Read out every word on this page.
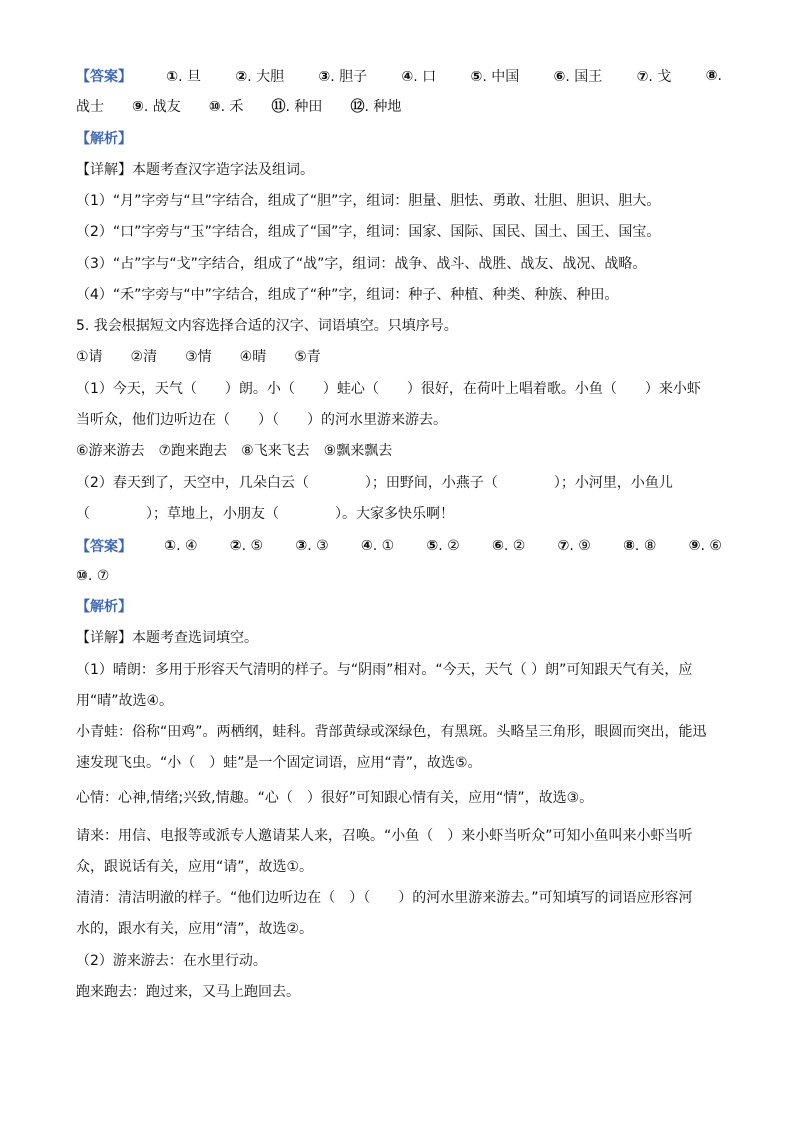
【答案】 ①. 旦 ②. 大胆 ③. 胆子 ④. 口 ⑤. 中国 ⑥. 国王 ⑦. 戈 ⑧.
战士 ⑨. 战友 ⑩. 禾 ⑪. 种田 ⑫. 种地
【解析】
【详解】本题考查汉字造字法及组词。
（1）“月”字旁与“旦”字结合，组成了“胆”字，组词：胆量、胆怯、勇敢、壮胆、胆识、胆大。
（2）“口”字旁与“玉”字结合，组成了“国”字，组词：国家、国际、国民、国土、国王、国宝。
（3）“占”字与“戈”字结合，组成了“战”字，组词：战争、战斗、战胜、战友、战况、战略。
（4）“禾”字旁与“中”字结合，组成了“种”字，组词：种子、种植、种类、种族、种田。
5. 我会根据短文内容选择合适的汉字、词语填空。只填序号。
①请　　②清　　③情　　④晴　　⑤青
（1）今天，天气（　　）朗。小（　　）蛙心（　　）很好，在荷叶上唱着歌。小鱼（　　）来小虾
当听众，他们边听边在（　　）（　　）的河水里游来游去。
⑥游来游去　⑦跑来跑去　⑧飞来飞去　⑨飘来飘去
（2）春天到了，天空中，几朵白云（　　　　）；田野间，小燕子（　　　　）；小河里，小鱼儿
（　　　　）；草地上，小朋友（　　　　）。大家多快乐啊！
【答案】 ①. ④ ②. ⑤ ③. ③ ④. ① ⑤. ② ⑥. ② ⑦. ⑨ ⑧. ⑧ ⑨. ⑥
⑩. ⑦
【解析】
【详解】本题考查选词填空。
（1）晴朗：多用于形容天气清明的样子。与“阴雨”相对。“今天，天气（ ）朗”可知跟天气有关，应
用“晴”故选④。
小青蛙：俗称“田鸡”。两栖纲，蛙科。背部黄绿或深绿色，有黑斑。头略呈三角形，眼圆而突出，能迅
速发现飞虫。“小（　）蛙”是一个固定词语，应用“青”，故选⑤。
心情：心神,情绪;兴致,情趣。“心（　）很好”可知跟心情有关，应用“情”，故选③。
请来：用信、电报等或派专人邀请某人来，召唤。“小鱼（　）来小虾当听众”可知小鱼叫来小虾当听
众，跟说话有关，应用“请”，故选①。
清清：清洁明澈的样子。“他们边听边在（　）（　　）的河水里游来游去。”可知填写的词语应形容河
水的，跟水有关，应用“清”，故选②。
（2）游来游去：在水里行动。
跑来跑去：跑过来，又马上跑回去。
